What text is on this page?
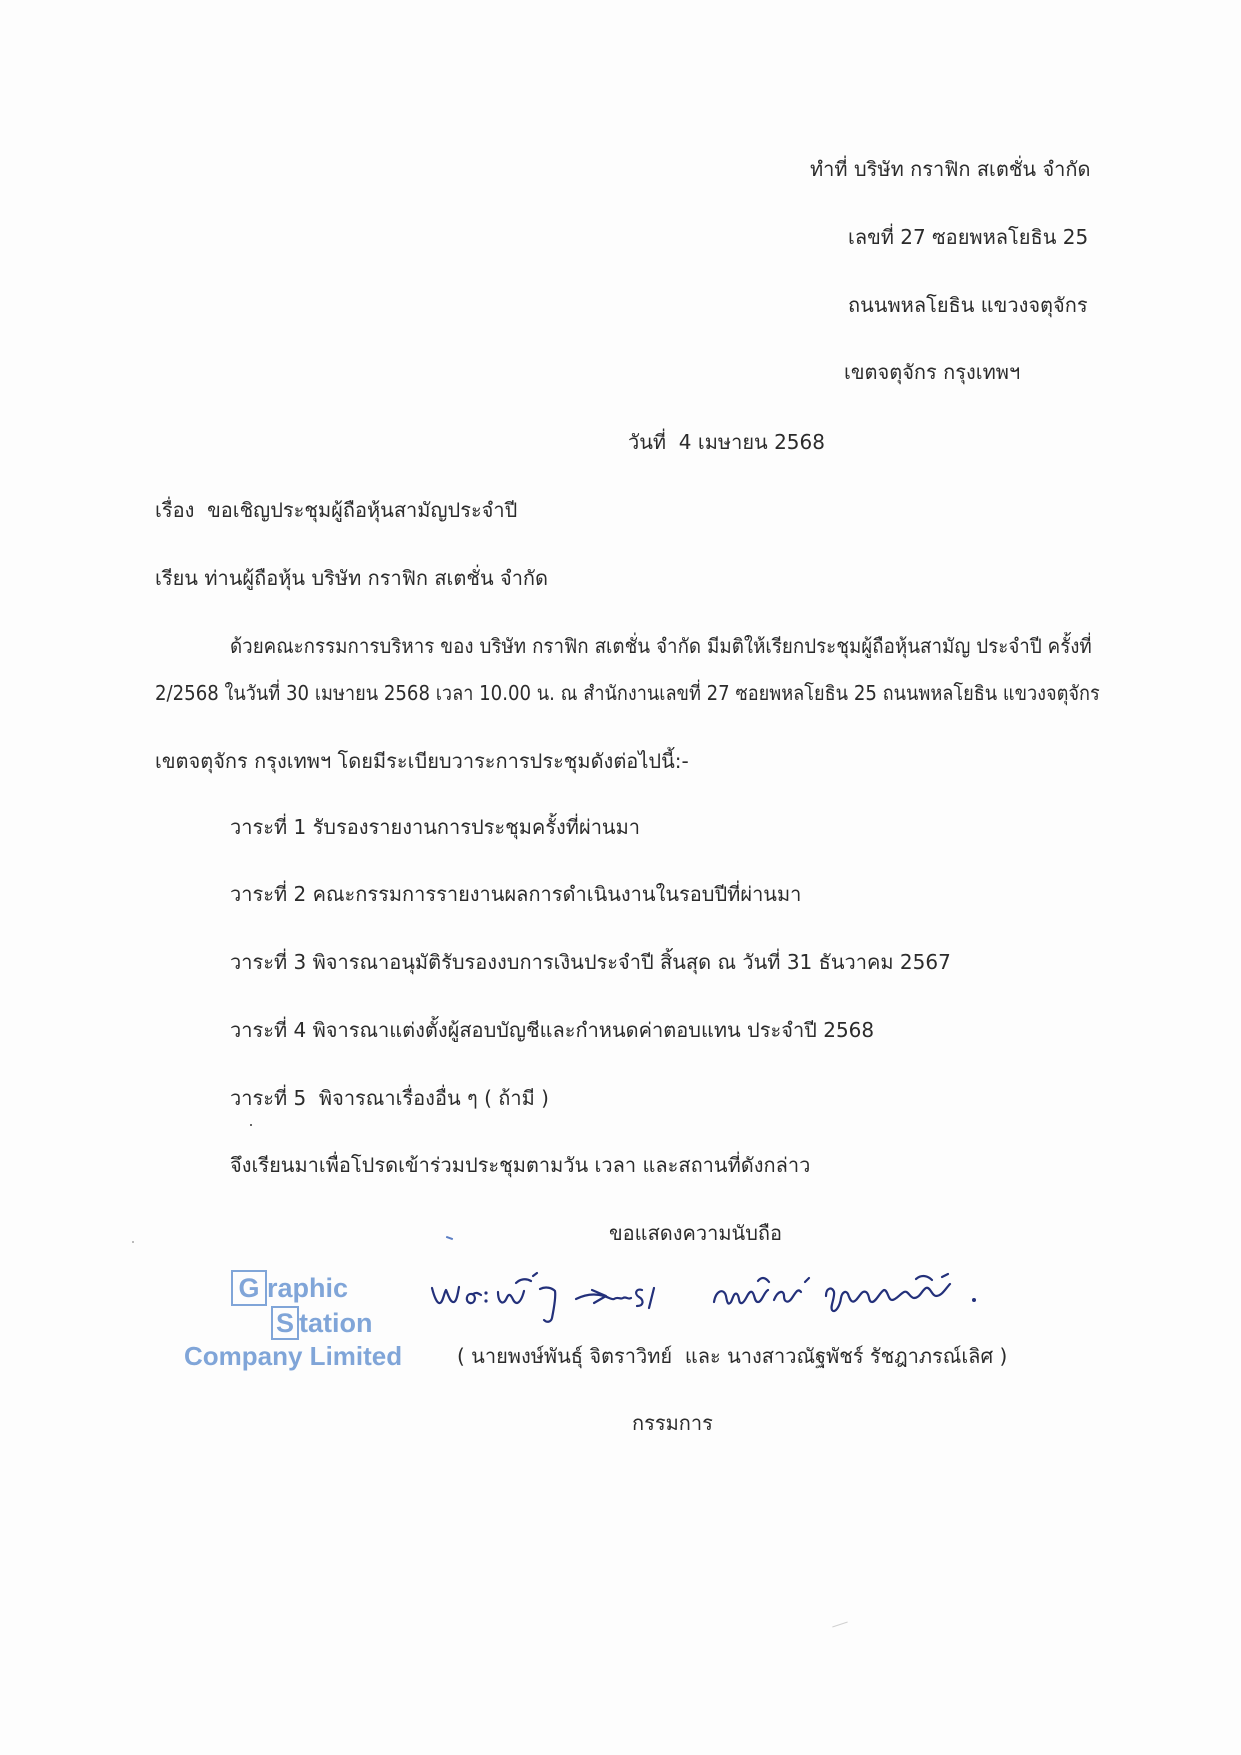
ทำที่ บริษัท กราฟิก สเตชั่น จำกัด
เลขที่ 27 ซอยพหลโยธิน 25
ถนนพหลโยธิน แขวงจตุจักร
เขตจตุจักร กรุงเทพฯ
วันที่  4 เมษายน 2568
เรื่อง  ขอเชิญประชุมผู้ถือหุ้นสามัญประจำปี
เรียน ท่านผู้ถือหุ้น บริษัท กราฟิก สเตชั่น จำกัด
ด้วยคณะกรรมการบริหาร ของ บริษัท กราฟิก สเตชั่น จำกัด มีมติให้เรียกประชุมผู้ถือหุ้นสามัญ ประจำปี ครั้งที่
2/2568 ในวันที่ 30 เมษายน 2568 เวลา 10.00 น. ณ สำนักงานเลขที่ 27 ซอยพหลโยธิน 25 ถนนพหลโยธิน แขวงจตุจักร
เขตจตุจักร กรุงเทพฯ โดยมีระเบียบวาระการประชุมดังต่อไปนี้:-
วาระที่ 1 รับรองรายงานการประชุมครั้งที่ผ่านมา
วาระที่ 2 คณะกรรมการรายงานผลการดำเนินงานในรอบปีที่ผ่านมา
วาระที่ 3 พิจารณาอนุมัติรับรองงบการเงินประจำปี สิ้นสุด ณ วันที่ 31 ธันวาคม 2567
วาระที่ 4 พิจารณาแต่งตั้งผู้สอบบัญชีและกำหนดค่าตอบแทน ประจำปี 2568
วาระที่ 5  พิจารณาเรื่องอื่น ๆ ( ถ้ามี )
จึงเรียนมาเพื่อโปรดเข้าร่วมประชุมตามวัน เวลา และสถานที่ดังกล่าว
ขอแสดงความนับถือ
G raphic
S tation
Company Limited	( นายพงษ์พันธุ์ จิตราวิทย์  และ นางสาวณัฐพัชร์ รัชฎาภรณ์เลิศ )
กรรมการ
